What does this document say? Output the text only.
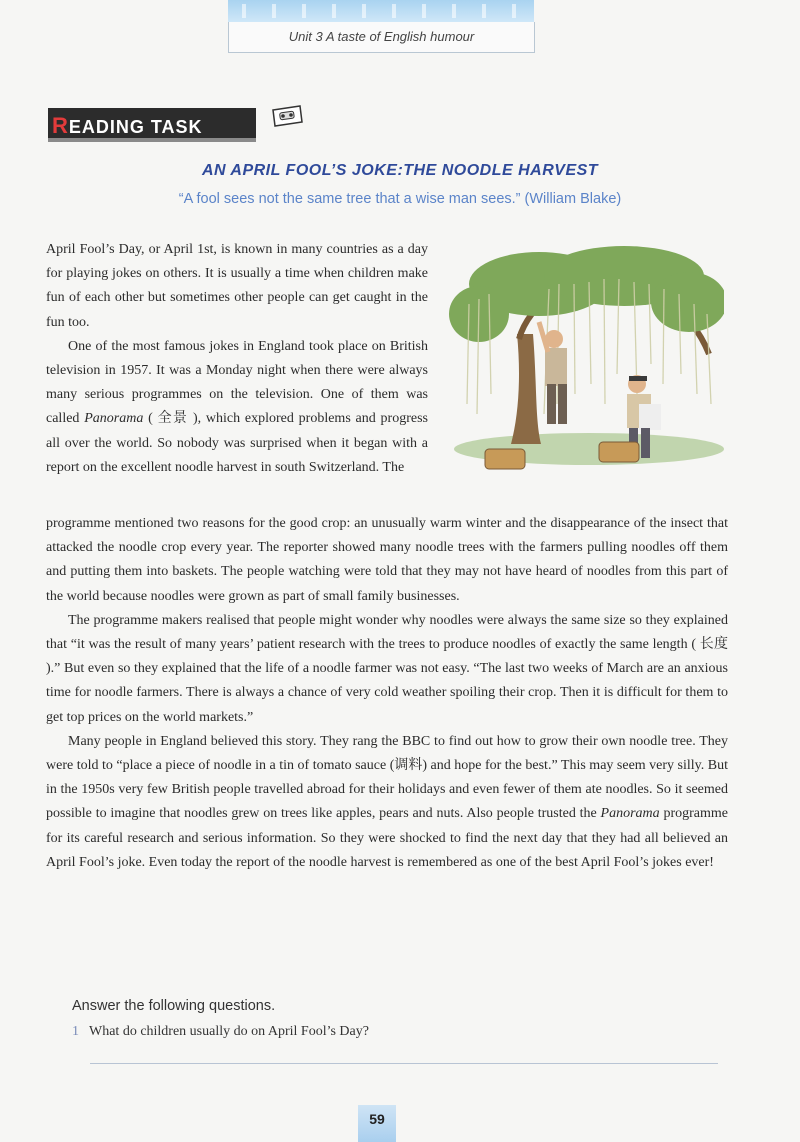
Unit 3 A taste of English humour
READING TASK
AN APRIL FOOL’S JOKE:THE NOODLE HARVEST
“A fool sees not the same tree that a wise man sees.” (William Blake)

April Fool’s Day, or April 1st, is known in many countries as a day for playing jokes on others. It is usually a time when children make fun of each other but sometimes other people can get caught in the fun too.

One of the most famous jokes in England took place on British television in 1957. It was a Monday night when there were always many serious programmes on the television. One of them was called Panorama ( 全景 ), which explored problems and progress all over the world. So nobody was surprised when it began with a report on the excellent noodle harvest in south Switzerland. The

programme mentioned two reasons for the good crop: an unusually warm winter and the disappearance of the insect that attacked the noodle crop every year. The reporter showed many noodle trees with the farmers pulling noodles off them and putting them into baskets. The people watching were told that they may not have heard of noodles from this part of the world because noodles were grown as part of small family businesses.

The programme makers realised that people might wonder why noodles were always the same size so they explained that “it was the result of many years’ patient research with the trees to produce noodles of exactly the same length ( 长度 ).” But even so they explained that the life of a noodle farmer was not easy. “The last two weeks of March are an anxious time for noodle farmers. There is always a chance of very cold weather spoiling their crop. Then it is difficult for them to get top prices on the world markets.”

Many people in England believed this story. They rang the BBC to find out how to grow their own noodle tree. They were told to “place a piece of noodle in a tin of tomato sauce (调料) and hope for the best.” This may seem very silly. But in the 1950s very few British people travelled abroad for their holidays and even fewer of them ate noodles. So it seemed possible to imagine that noodles grew on trees like apples, pears and nuts. Also people trusted the Panorama programme for its careful research and serious information. So they were shocked to find the next day that they had all believed an April Fool’s joke. Even today the report of the noodle harvest is remembered as one of the best April Fool’s jokes ever!

Answer the following questions.
1 What do children usually do on April Fool’s Day?
59
